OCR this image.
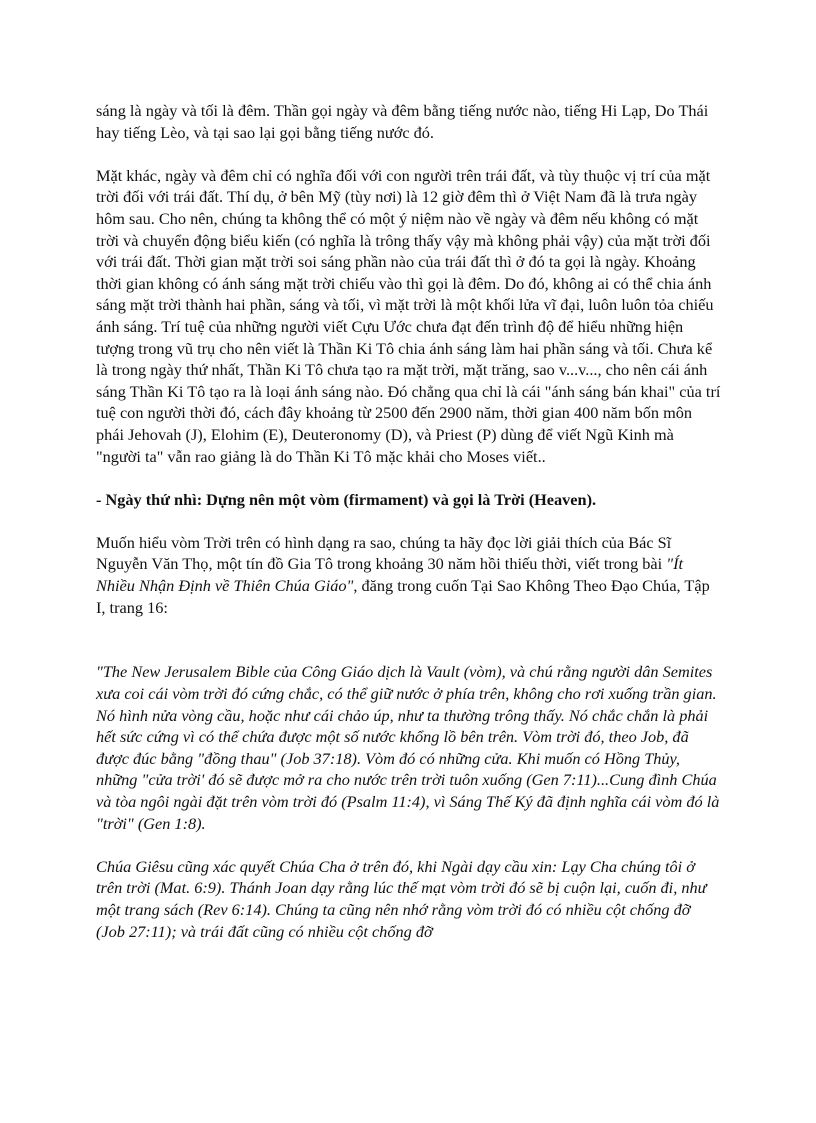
sáng là ngày và tối là đêm. Thần gọi ngày và đêm bằng tiếng nước nào, tiếng Hi Lạp, Do Thái hay tiếng Lèo, và tại sao lại gọi bằng tiếng nước đó.

Mặt khác, ngày và đêm chỉ có nghĩa đối với con người trên trái đất, và tùy thuộc vị trí của mặt trời đối với trái đất. Thí dụ, ở bên Mỹ (tùy nơi) là 12 giờ đêm thì ở Việt Nam đã là trưa ngày hôm sau. Cho nên, chúng ta không thể có một ý niệm nào về ngày và đêm nếu không có mặt trời và chuyển động biểu kiến (có nghĩa là trông thấy vậy mà không phải vậy) của mặt trời đối với trái đất. Thời gian mặt trời soi sáng phần nào của trái đất thì ở đó ta gọi là ngày. Khoảng thời gian không có ánh sáng mặt trời chiếu vào thì gọi là đêm. Do đó, không ai có thể chia ánh sáng mặt trời thành hai phần, sáng và tối, vì mặt trời là một khối lửa vĩ đại, luôn luôn tỏa chiếu ánh sáng. Trí tuệ của những người viết Cựu Ước chưa đạt đến trình độ để hiểu những hiện tượng trong vũ trụ cho nên viết là Thần Ki Tô chia ánh sáng làm hai phần sáng và tối. Chưa kể là trong ngày thứ nhất, Thần Ki Tô chưa tạo ra mặt trời, mặt trăng, sao v...v..., cho nên cái ánh sáng Thần Ki Tô tạo ra là loại ánh sáng nào. Đó chẳng qua chỉ là cái "ánh sáng bán khai" của trí tuệ con người thời đó, cách đây khoảng từ 2500 đến 2900 năm, thời gian 400 năm bốn môn phái Jehovah (J), Elohim (E), Deuteronomy (D), và Priest (P) dùng để viết Ngũ Kinh mà "người ta" vẫn rao giảng là do Thần Ki Tô mặc khải cho Moses viết..

- Ngày thứ nhì: Dựng nên một vòm (firmament) và gọi là Trời (Heaven).

Muốn hiểu vòm Trời trên có hình dạng ra sao, chúng ta hãy đọc lời giải thích của Bác Sĩ Nguyễn Văn Thọ, một tín đồ Gia Tô trong khoảng 30 năm hồi thiếu thời, viết trong bài "Ít Nhiều Nhận Định về Thiên Chúa Giáo", đăng trong cuốn Tại Sao Không Theo Đạo Chúa, Tập I, trang 16:

"The New Jerusalem Bible của Công Giáo dịch là Vault (vòm), và chú rằng người dân Semites xưa coi cái vòm trời đó cứng chắc, có thể giữ nước ở phía trên, không cho rơi xuống trần gian. Nó hình nửa vòng cầu, hoặc như cái chảo úp, như ta thường trông thấy. Nó chắc chắn là phải hết sức cứng vì có thể chứa được một số nước khổng lồ bên trên. Vòm trời đó, theo Job, đã được đúc bằng "đồng thau" (Job 37:18). Vòm đó có những cửa. Khi muốn có Hồng Thủy, những "cửa trời' đó sẽ được mở ra cho nước trên trời tuôn xuống (Gen 7:11)...Cung đình Chúa và tòa ngôi ngài đặt trên vòm trời đó (Psalm 11:4), vì Sáng Thế Ký đã định nghĩa cái vòm đó là "trời" (Gen 1:8).

Chúa Giêsu cũng xác quyết Chúa Cha ở trên đó, khi Ngài dạy cầu xin: Lạy Cha chúng tôi ở trên trời (Mat. 6:9). Thánh Joan dạy rằng lúc thế mạt vòm trời đó sẽ bị cuộn lại, cuốn đi, như một trang sách (Rev 6:14). Chúng ta cũng nên nhớ rằng vòm trời đó có nhiều cột chống đỡ (Job 27:11); và trái đất cũng có nhiều cột chống đỡ
